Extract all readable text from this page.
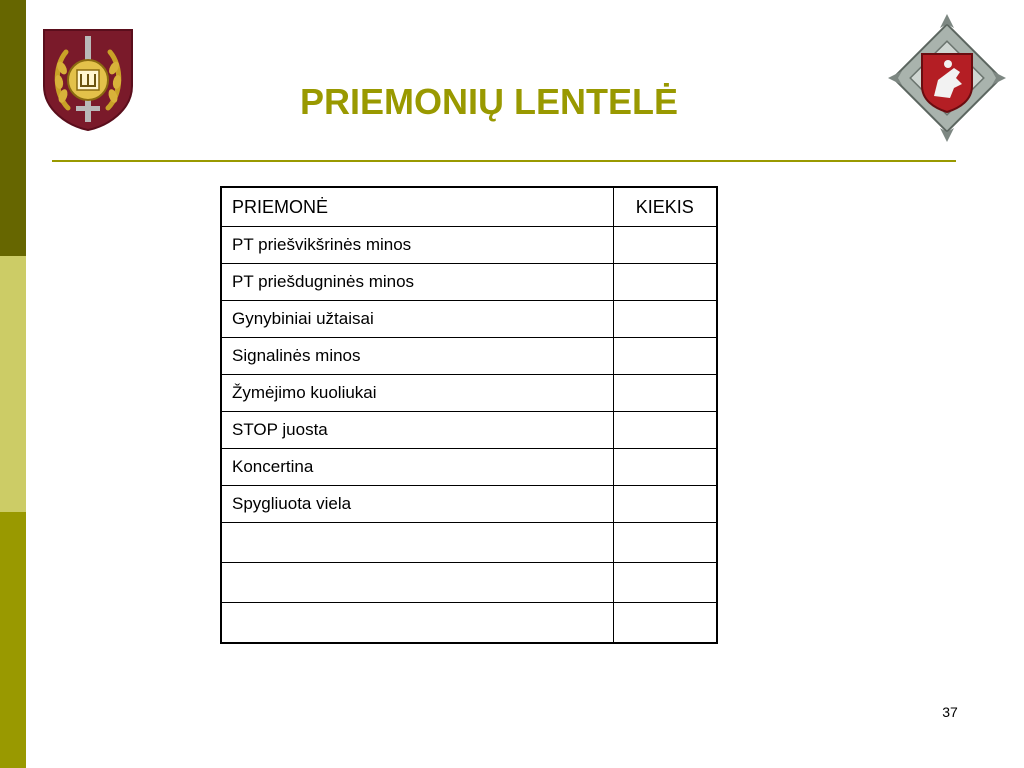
PRIEMONIŲ LENTELĖ
PRIEMONĖ	KIEKIS
PT priešvikšrinės minos	
PT priešdugninės minos	
Gynybiniai užtaisai	
Signalinės minos	
Žymėjimo kuoliukai	
STOP juosta	
Koncertina	
Spygliuota viela	

37
